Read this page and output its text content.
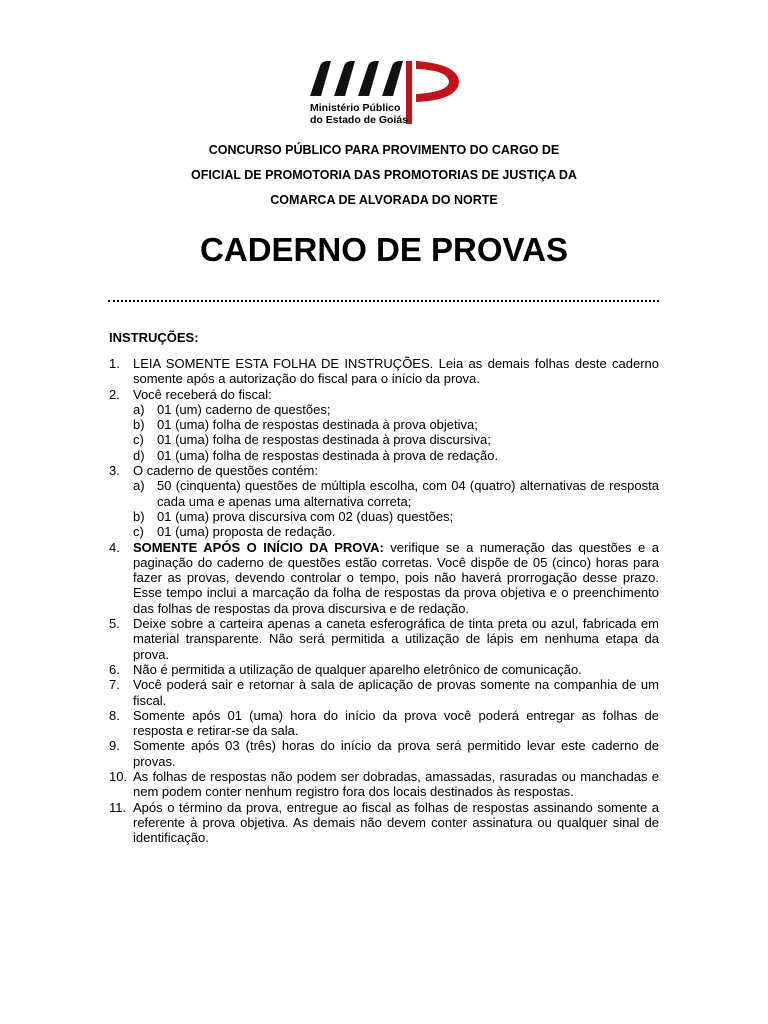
Ministério Público
do Estado de Goiás
CONCURSO PÚBLICO PARA PROVIMENTO DO CARGO DE
OFICIAL DE PROMOTORIA DAS PROMOTORIAS DE JUSTIÇA DA
COMARCA DE ALVORADA DO NORTE
CADERNO DE PROVAS
INSTRUÇÕES:
1.	LEIA SOMENTE ESTA FOLHA DE INSTRUÇÕES. Leia as demais folhas deste caderno somente após a autorização do fiscal para o início da prova.
2.	Você receberá do fiscal:
a) 01 (um) caderno de questões;
b) 01 (uma) folha de respostas destinada à prova objetiva;
c)	01 (uma) folha de respostas destinada à prova discursiva;
d) 01 (uma) folha de respostas destinada à prova de redação.
3.	O caderno de questões contém:
a) 50 (cinquenta) questões de múltipla escolha, com 04 (quatro) alternativas de resposta cada uma e apenas uma alternativa correta;
b) 01 (uma) prova discursiva com 02 (duas) questões;
c)	01 (uma) proposta de redação.
4.	SOMENTE APÓS O INÍCIO DA PROVA: verifique se a numeração das questões e a paginação do caderno de questões estão corretas. Você dispõe de 05 (cinco) horas para fazer as provas, devendo controlar o tempo, pois não haverá prorrogação desse prazo. Esse tempo inclui a marcação da folha de respostas da prova objetiva e o preenchimento das folhas de respostas da prova discursiva e de redação.
5.	Deixe sobre a carteira apenas a caneta esferográfica de tinta preta ou azul, fabricada em material transparente. Não será permitida a utilização de lápis em nenhuma etapa da prova.
6.	Não é permitida a utilização de qualquer aparelho eletrônico de comunicação.
7.	Você poderá sair e retornar à sala de aplicação de provas somente na companhia de um fiscal.
8.	Somente após 01 (uma) hora do início da prova você poderá entregar as folhas de resposta e retirar-se da sala.
9.	Somente após 03 (três) horas do início da prova será permitido levar este caderno de provas.
10. As folhas de respostas não podem ser dobradas, amassadas, rasuradas ou manchadas e nem podem conter nenhum registro fora dos locais destinados às respostas.
11. Após o término da prova, entregue ao fiscal as folhas de respostas assinando somente a referente à prova objetiva. As demais não devem conter assinatura ou qualquer sinal de identificação.
